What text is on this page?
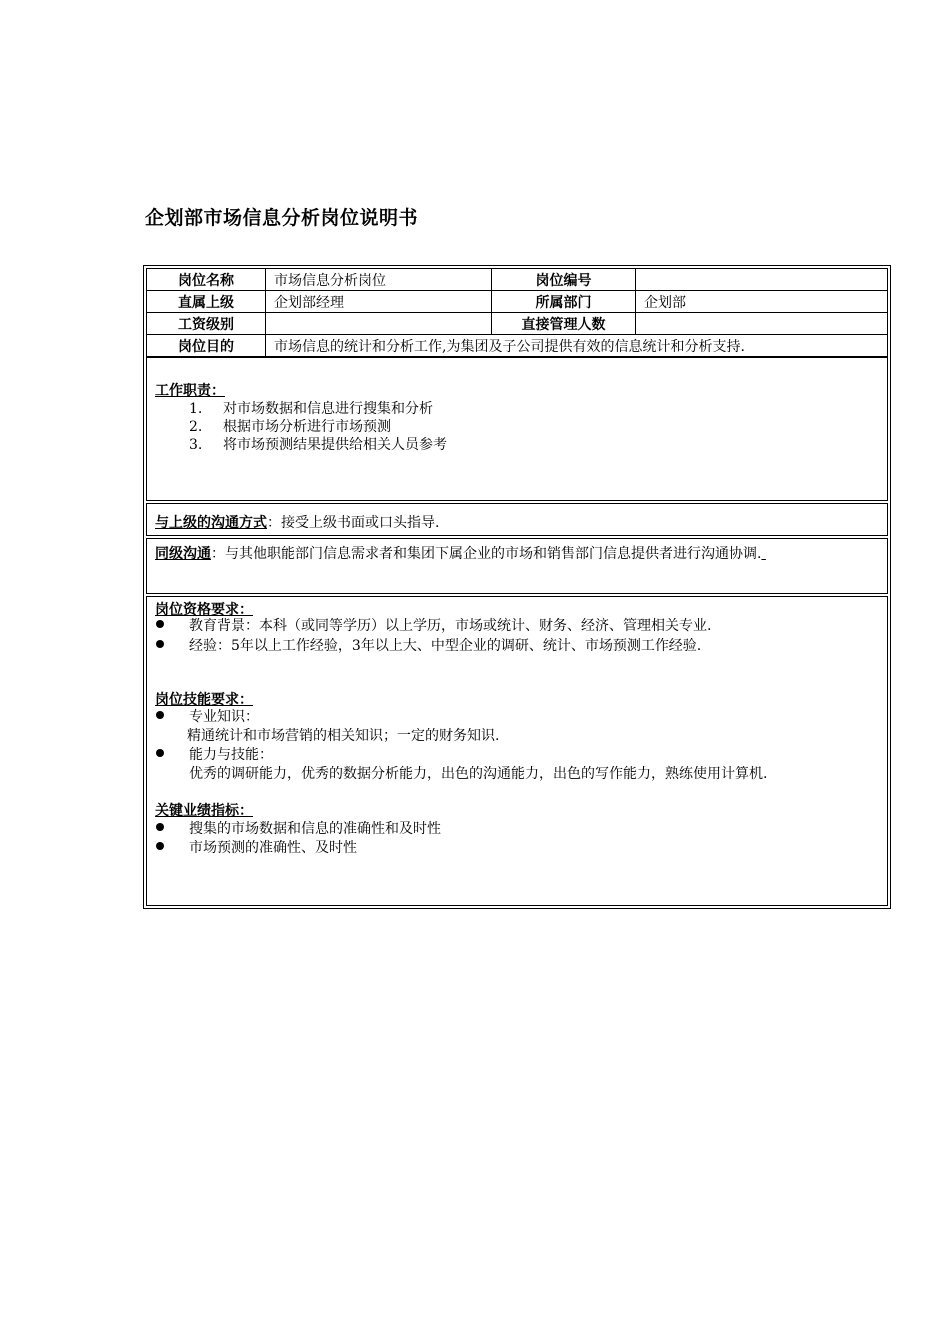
企划部市场信息分析岗位说明书
岗位名称	市场信息分析岗位	岗位编号	
直属上级	企划部经理	所属部门	企划部
工资级别		直接管理人数	
岗位目的	市场信息的统计和分析工作,为集团及子公司提供有效的信息统计和分析支持.		
工作职责：
1. 对市场数据和信息进行搜集和分析
2. 根据市场分析进行市场预测
3. 将市场预测结果提供给相关人员参考
与上级的沟通方式：接受上级书面或口头指导.
同级沟通：与其他职能部门信息需求者和集团下属企业的市场和销售部门信息提供者进行沟通协调.
岗位资格要求：
教育背景：本科（或同等学历）以上学历，市场或统计、财务、经济、管理相关专业.
经验：5年以上工作经验，3年以上大、中型企业的调研、统计、市场预测工作经验.
岗位技能要求：
专业知识：
精通统计和市场营销的相关知识；一定的财务知识.
能力与技能：
优秀的调研能力，优秀的数据分析能力，出色的沟通能力，出色的写作能力，熟练使用计算机.
关键业绩指标：
搜集的市场数据和信息的准确性和及时性
市场预测的准确性、及时性
